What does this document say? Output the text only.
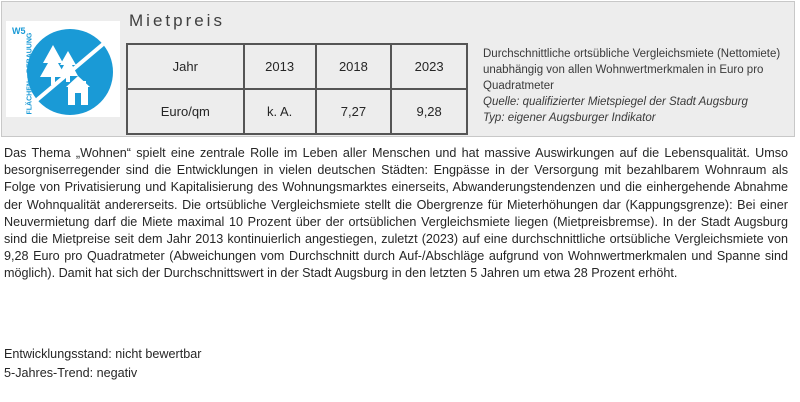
W5
Mietpreis
Jahr	2013	2018	2023
Euro/qm	k. A.	7,27	9,28
Durchschnittliche ortsübliche Vergleichsmiete (Nettomiete) unabhängig von allen Wohnwertmerkmalen in Euro pro Quadratmeter
Quelle: qualifizierter Mietspiegel der Stadt Augsburg
Typ: eigener Augsburger Indikator
Das Thema „Wohnen“ spielt eine zentrale Rolle im Leben aller Menschen und hat massive Auswirkungen auf die Lebensqualität. Umso besorgniserregender sind die Entwicklungen in vielen deutschen Städten: Engpässe in der Versorgung mit bezahlbarem Wohnraum als Folge von Privatisierung und Kapitalisierung des Wohnungsmarktes einerseits, Abwanderungstendenzen und die einhergehende Abnahme der Wohnqualität andererseits. Die ortsübliche Vergleichsmiete stellt die Obergrenze für Mieterhöhungen dar (Kappungsgrenze): Bei einer Neuvermietung darf die Miete maximal 10 Prozent über der ortsüblichen Vergleichsmiete liegen (Mietpreisbremse). In der Stadt Augsburg sind die Mietpreise seit dem Jahr 2013 kontinuierlich angestiegen, zuletzt (2023) auf eine durchschnittliche ortsübliche Vergleichsmiete von 9,28 Euro pro Quadratmeter (Abweichungen vom Durchschnitt durch Auf-/Abschläge aufgrund von Wohnwertmerkmalen und Spanne sind möglich). Damit hat sich der Durchschnittswert in der Stadt Augsburg in den letzten 5 Jahren um etwa 28 Prozent erhöht.
Entwicklungsstand: nicht bewertbar
5-Jahres-Trend: negativ
